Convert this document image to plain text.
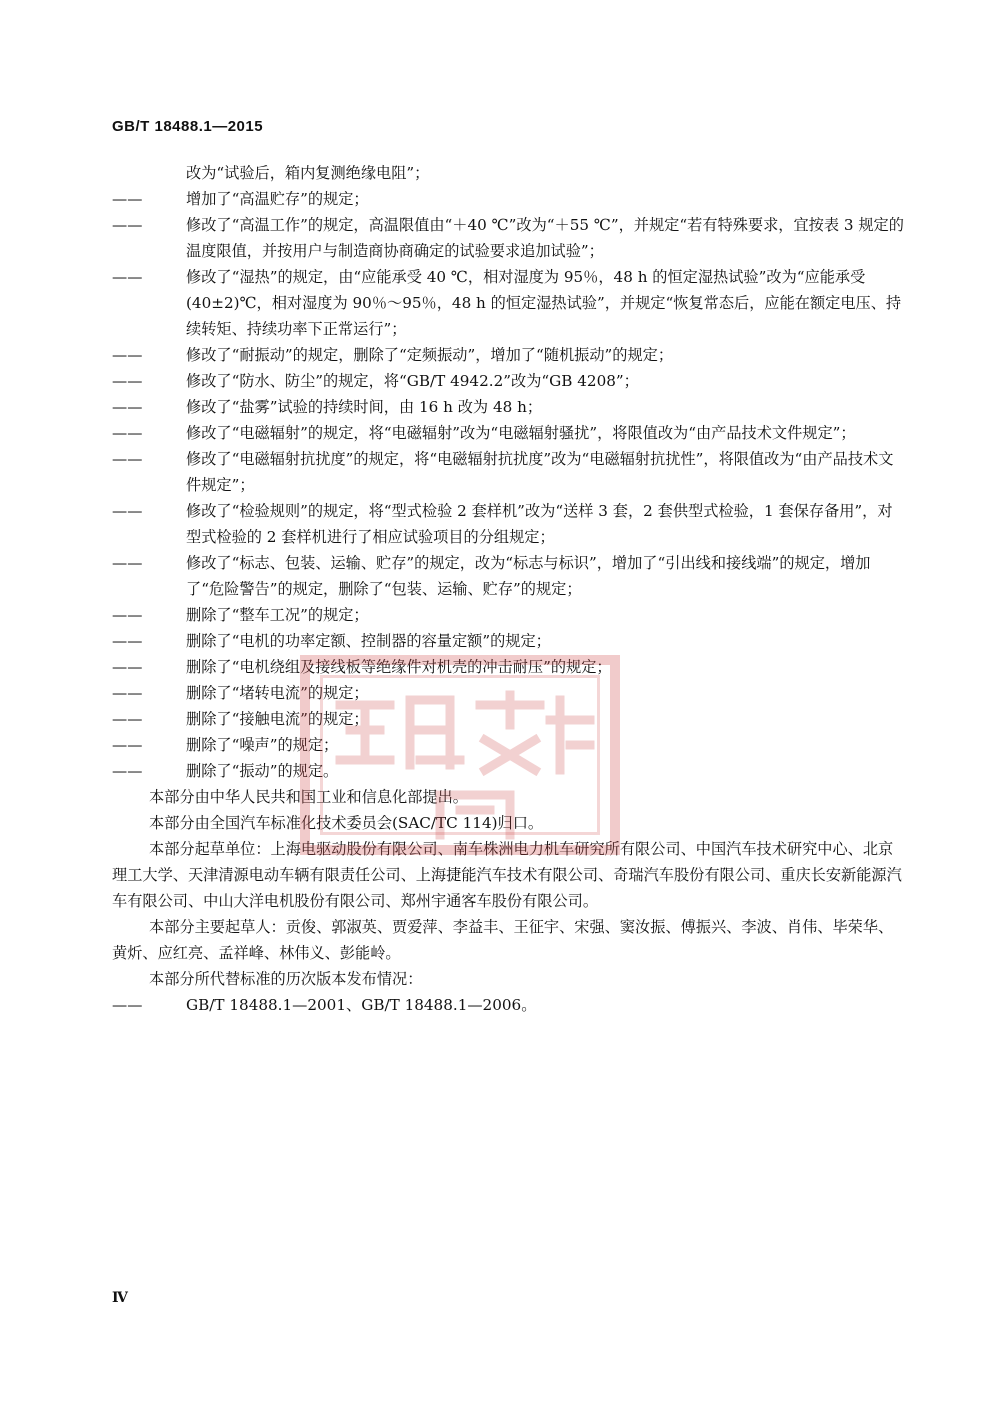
GB/T 18488.1—2015

改为“试验后，箱内复测绝缘电阻”；

——	增加了“高温贮存”的规定；

——	修改了“高温工作”的规定，高温限值由“＋40 ℃”改为“＋55 ℃”，并规定“若有特殊要求，宜按表 3 规定的温度限值，并按用户与制造商协商确定的试验要求追加试验”；

——	修改了“湿热”的规定，由“应能承受 40 ℃，相对湿度为 95％，48 h 的恒定湿热试验”改为“应能承受(40±2)℃，相对湿度为 90％～95％，48 h 的恒定湿热试验”，并规定“恢复常态后，应能在额定电压、持续转矩、持续功率下正常运行”；

——	修改了“耐振动”的规定，删除了“定频振动”，增加了“随机振动”的规定；

——	修改了“防水、防尘”的规定，将“GB/T 4942.2”改为“GB 4208”；

——	修改了“盐雾”试验的持续时间，由 16 h 改为 48 h；

——	修改了“电磁辐射”的规定，将“电磁辐射”改为“电磁辐射骚扰”，将限值改为“由产品技术文件规定”；

——	修改了“电磁辐射抗扰度”的规定，将“电磁辐射抗扰度”改为“电磁辐射抗扰性”，将限值改为“由产品技术文件规定”；

——	修改了“检验规则”的规定，将“型式检验 2 套样机”改为“送样 3 套，2 套供型式检验，1 套保存备用”，对型式检验的 2 套样机进行了相应试验项目的分组规定；

——	修改了“标志、包装、运输、贮存”的规定，改为“标志与标识”，增加了“引出线和接线端”的规定，增加了“危险警告”的规定，删除了“包装、运输、贮存”的规定；

——	删除了“整车工况”的规定；

——	删除了“电机的功率定额、控制器的容量定额”的规定；

——	删除了“电机绕组及接线板等绝缘件对机壳的冲击耐压”的规定；

——	删除了“堵转电流”的规定；

——	删除了“接触电流”的规定；

——	删除了“噪声”的规定；

——	删除了“振动”的规定。

本部分由中华人民共和国工业和信息化部提出。

本部分由全国汽车标准化技术委员会(SAC/TC 114)归口。

本部分起草单位：上海电驱动股份有限公司、南车株洲电力机车研究所有限公司、中国汽车技术研究中心、北京理工大学、天津清源电动车辆有限责任公司、上海捷能汽车技术有限公司、奇瑞汽车股份有限公司、重庆长安新能源汽车有限公司、中山大洋电机股份有限公司、郑州宇通客车股份有限公司。

本部分主要起草人：贡俊、郭淑英、贾爱萍、李益丰、王征宇、宋强、窦汝振、傅振兴、李波、肖伟、毕荣华、黄炘、应红亮、孟祥峰、林伟义、彭能岭。

本部分所代替标准的历次版本发布情况：

——	GB/T 18488.1—2001、GB/T 18488.1—2006。

Ⅳ
